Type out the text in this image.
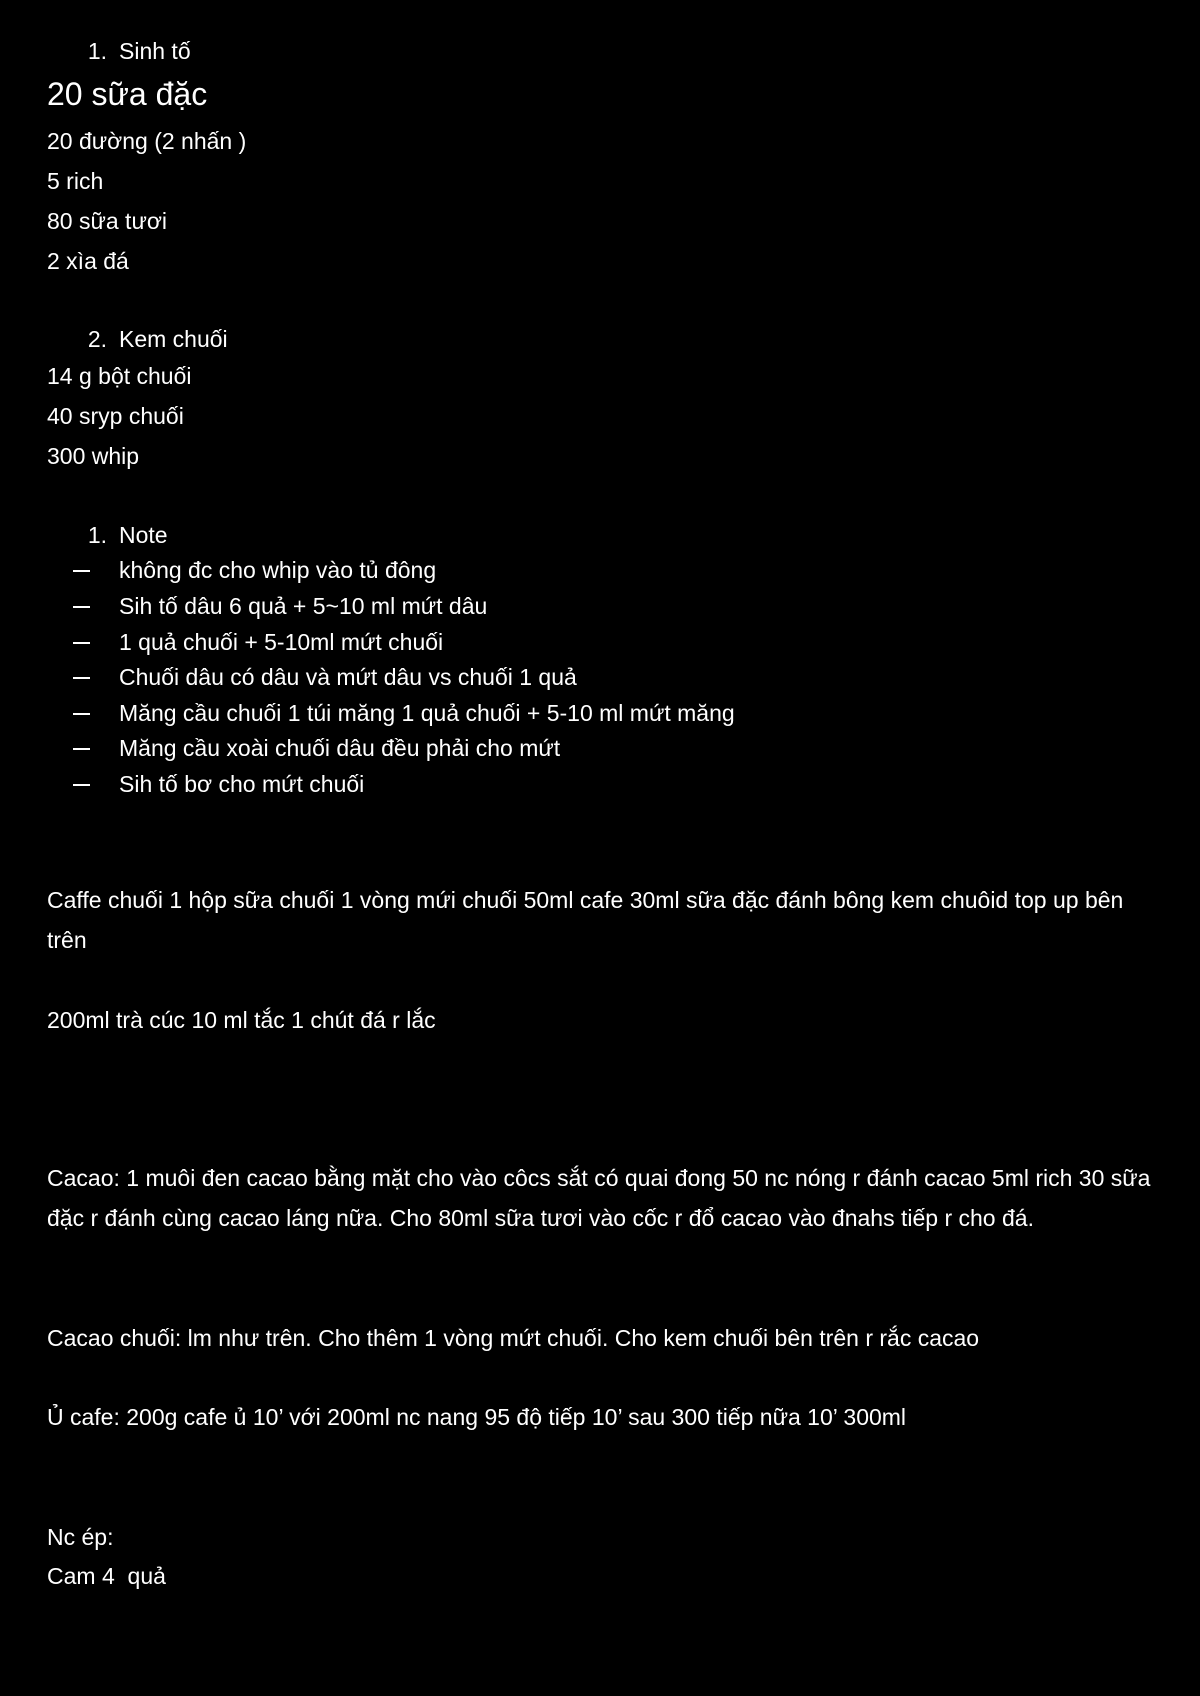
1. Sinh tố
20 sữa đặc
20 đường (2 nhấn )
5 rich
80 sữa tươi
2 xìa đá
2. Kem chuối
14 g bột chuối
40 sryp chuối
300 whip
1. Note
không đc cho whip vào tủ đông
Sih tố dâu 6 quả + 5~10 ml mứt dâu
1 quả chuối + 5-10ml mứt chuối
Chuối dâu có dâu và mứt dâu vs chuối 1 quả
Măng cầu chuối 1 túi măng 1 quả chuối + 5-10 ml mứt măng
Măng cầu xoài chuối dâu đều phải cho mứt
Sih tố bơ cho mứt chuối
Caffe chuối 1 hộp sữa chuối 1 vòng mứi chuối 50ml cafe 30ml sữa đặc đánh bông kem chuôid top up bên trên
200ml trà cúc 10 ml tắc 1 chút đá r lắc
Cacao: 1 muôi đen cacao bằng mặt cho vào côcs sắt có quai đong 50 nc nóng r đánh cacao 5ml rich 30 sữa đặc r đánh cùng cacao láng nữa. Cho 80ml sữa tươi vào cốc r đổ cacao vào đnahs tiếp r cho đá.
Cacao chuối: lm như trên. Cho thêm 1 vòng mứt chuối. Cho kem chuối bên trên r rắc cacao
Ủ cafe: 200g cafe ủ 10’ với 200ml nc nang 95 độ tiếp 10’ sau 300 tiếp nữa 10’ 300ml
Nc ép:
Cam 4  quả
